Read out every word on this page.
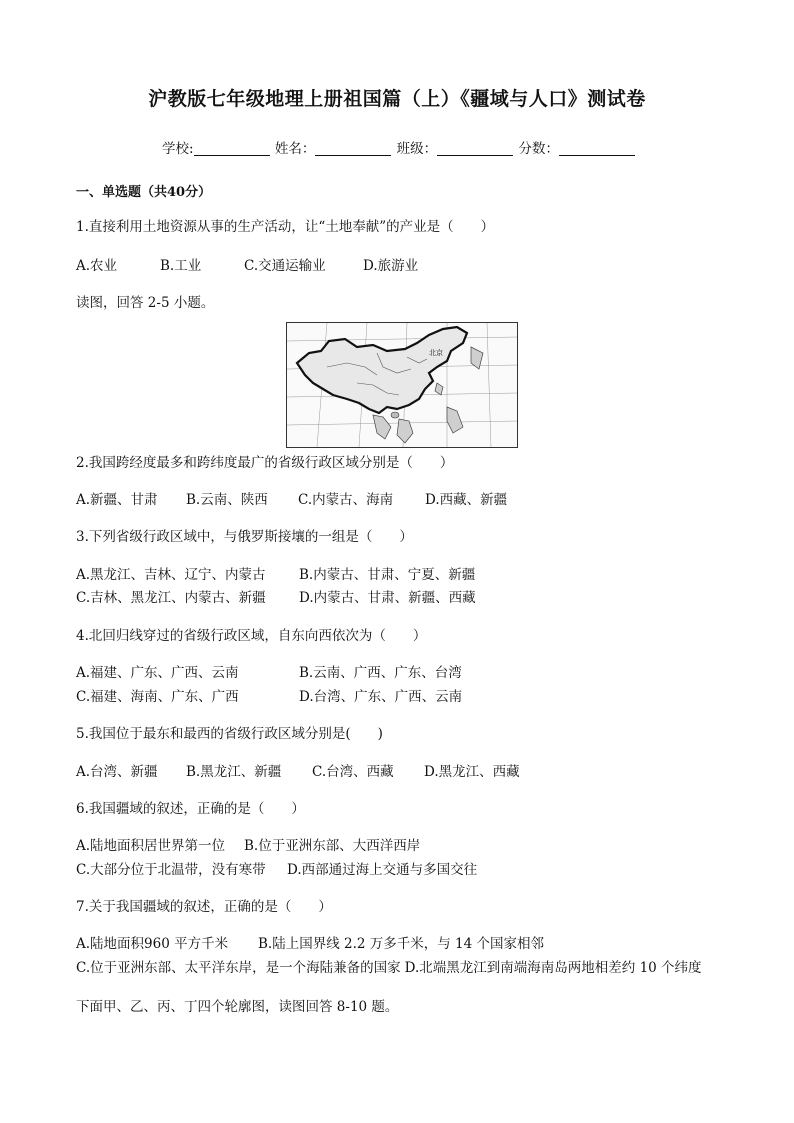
沪教版七年级地理上册祖国篇（上）《疆域与人口》测试卷
学校:	姓名：	班级：	分数：
一、单选题（共40分）
1.直接利用土地资源从事的生产活动，让“土地奉献”的产业是（　　）
A.农业	B.工业	C.交通运输业	D.旅游业
读图，回答 2-5 小题。
北京
2.我国跨经度最多和跨纬度最广的省级行政区域分别是（　　）
A.新疆、甘肃 B.云南、陕西 C.内蒙古、海南 D.西藏、新疆
3.下列省级行政区域中，与俄罗斯接壤的一组是（　　）
A.黑龙江、吉林、辽宁、内蒙古 B.内蒙古、甘肃、宁夏、新疆
C.吉林、黑龙江、内蒙古、新疆 D.内蒙古、甘肃、新疆、西藏
4.北回归线穿过的省级行政区域，自东向西依次为（　　）
A.福建、广东、广西、云南	B.云南、广西、广东、台湾
C.福建、海南、广东、广西	D.台湾、广东、广西、云南
5.我国位于最东和最西的省级行政区域分别是(　　)
A.台湾、新疆 B.黑龙江、新疆 C.台湾、西藏 D.黑龙江、西藏
6.我国疆域的叙述，正确的是（　　）
A.陆地面积居世界第一位 B.位于亚洲东部、大西洋西岸
C.大部分位于北温带，没有寒带 D.西部通过海上交通与多国交往
7.关于我国疆域的叙述，正确的是（　　）
A.陆地面积960 平方千米 B.陆上国界线 2.2 万多千米，与 14 个国家相邻
C.位于亚洲东部、太平洋东岸，是一个海陆兼备的国家 D.北端黑龙江到南端海南岛两地相差约 10 个纬度
下面甲、乙、丙、丁四个轮廓图，读图回答 8-10 题。
